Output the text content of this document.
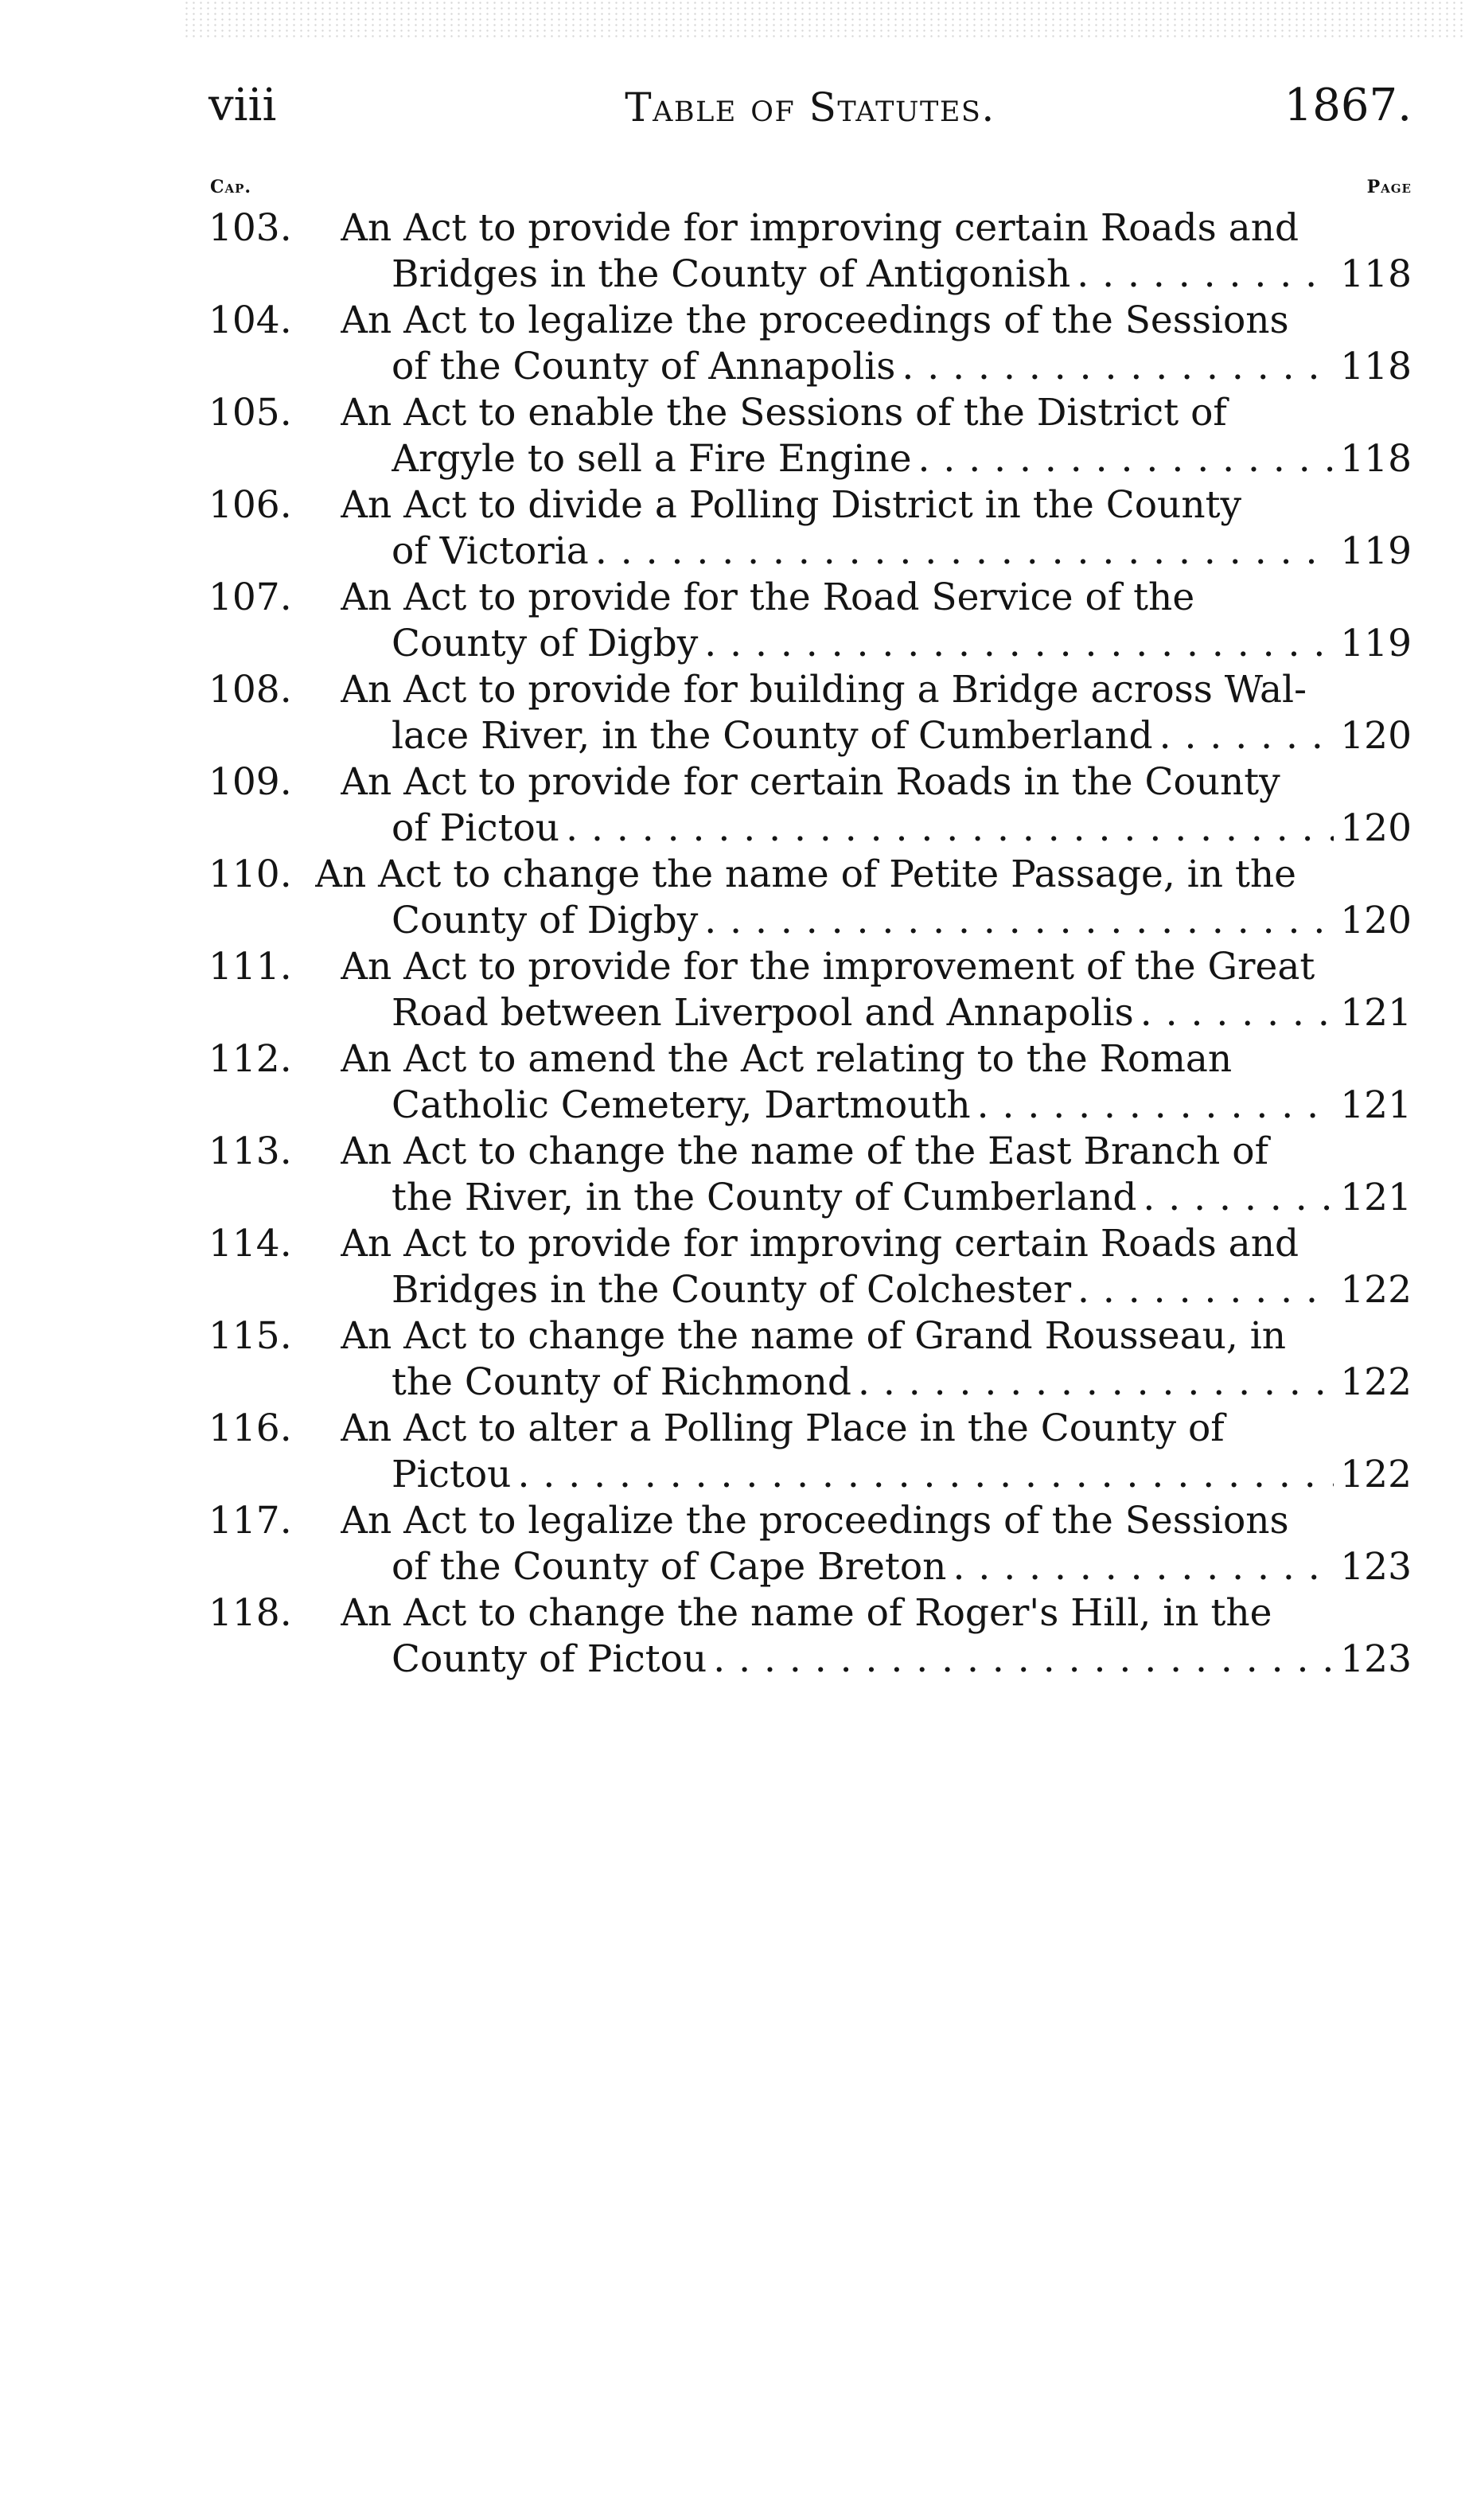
viii	Table of Statutes.	1867.
Cap.	Page
103. An Act to provide for improving certain Roads and
Bridges in the County of Antigonish . . .	118
104. An Act to legalize the proceedings of the Sessions
of the County of Annapolis . . .	118
105. An Act to enable the Sessions of the District of
Argyle to sell a Fire Engine . . .	118
106. An Act to divide a Polling District in the County
of Victoria . . .	119
107. An Act to provide for the Road Service of the
County of Digby . . .	119
108. An Act to provide for building a Bridge across Wal-
lace River, in the County of Cumberland . . .	120
109. An Act to provide for certain Roads in the County
of Pictou . . .	120
110. An Act to change the name of Petite Passage, in the
County of Digby . . .	120
111. An Act to provide for the improvement of the Great
Road between Liverpool and Annapolis . . .	121
112. An Act to amend the Act relating to the Roman
Catholic Cemetery, Dartmouth . . .	121
113. An Act to change the name of the East Branch of
the River, in the County of Cumberland . . .	121
114. An Act to provide for improving certain Roads and
Bridges in the County of Colchester . . .	122
115. An Act to change the name of Grand Rousseau, in
the County of Richmond . . .	122
116. An Act to alter a Polling Place in the County of
Pictou . . .	122
117. An Act to legalize the proceedings of the Sessions
of the County of Cape Breton . . .	123
118. An Act to change the name of Roger's Hill, in the
County of Pictou . . .	123
